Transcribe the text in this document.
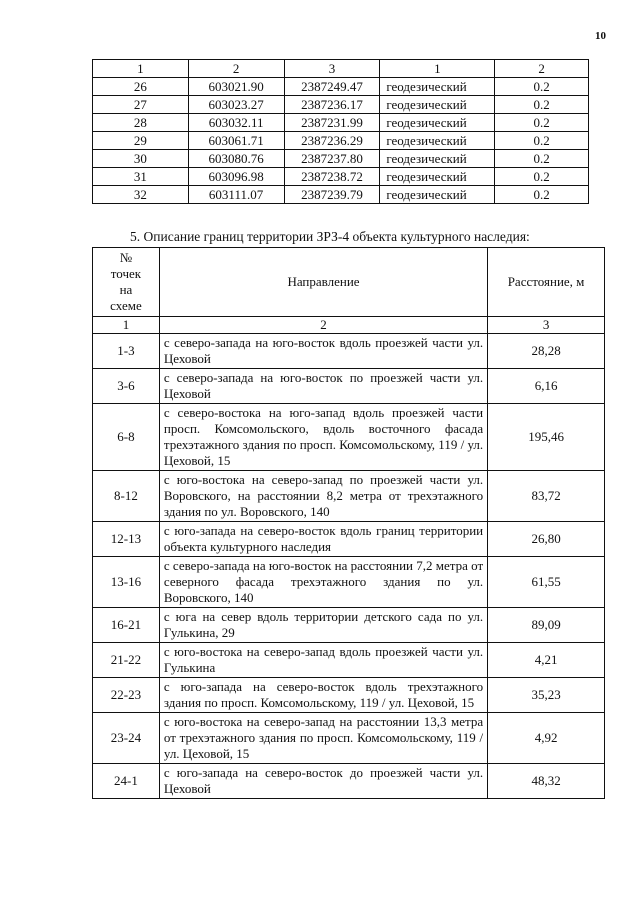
10
1	2	3	1	2
26	603021.90	2387249.47	геодезический	0.2
27	603023.27	2387236.17	геодезический	0.2
28	603032.11	2387231.99	геодезический	0.2
29	603061.71	2387236.29	геодезический	0.2
30	603080.76	2387237.80	геодезический	0.2
31	603096.98	2387238.72	геодезический	0.2
32	603111.07	2387239.79	геодезический	0.2
5. Описание границ территории ЗРЗ-4 объекта культурного наследия:
№
точек
на
схеме	Направление	Расстояние, м
1	2	3
1-3	с северо-запада на юго-восток вдоль проезжей части ул. Цеховой	28,28
3-6	с северо-запада на юго-восток по проезжей части ул. Цеховой	6,16
6-8	с северо-востока на юго-запад вдоль проезжей части просп. Комсомольского, вдоль восточного фасада трехэтажного здания по просп. Комсомольскому, 119 / ул. Цеховой, 15	195,46
8-12	с юго-востока на северо-запад по проезжей части ул. Воровского, на расстоянии 8,2 метра от трехэтажного здания по ул. Воровского, 140	83,72
12-13	с юго-запада на северо-восток вдоль границ территории объекта культурного наследия	26,80
13-16	с северо-запада на юго-восток на расстоянии 7,2 метра от северного фасада трехэтажного здания по ул. Воровского, 140	61,55
16-21	с юга на север вдоль территории детского сада по ул. Гулькина, 29	89,09
21-22	с юго-востока на северо-запад вдоль проезжей части ул. Гулькина	4,21
22-23	с юго-запада на северо-восток вдоль трехэтажного здания по просп. Комсомольскому, 119 / ул. Цеховой, 15	35,23
23-24	с юго-востока на северо-запад на расстоянии 13,3 метра от трехэтажного здания по просп. Комсомольскому, 119 / ул. Цеховой, 15	4,92
24-1	с юго-запада на северо-восток до проезжей части ул. Цеховой	48,32
